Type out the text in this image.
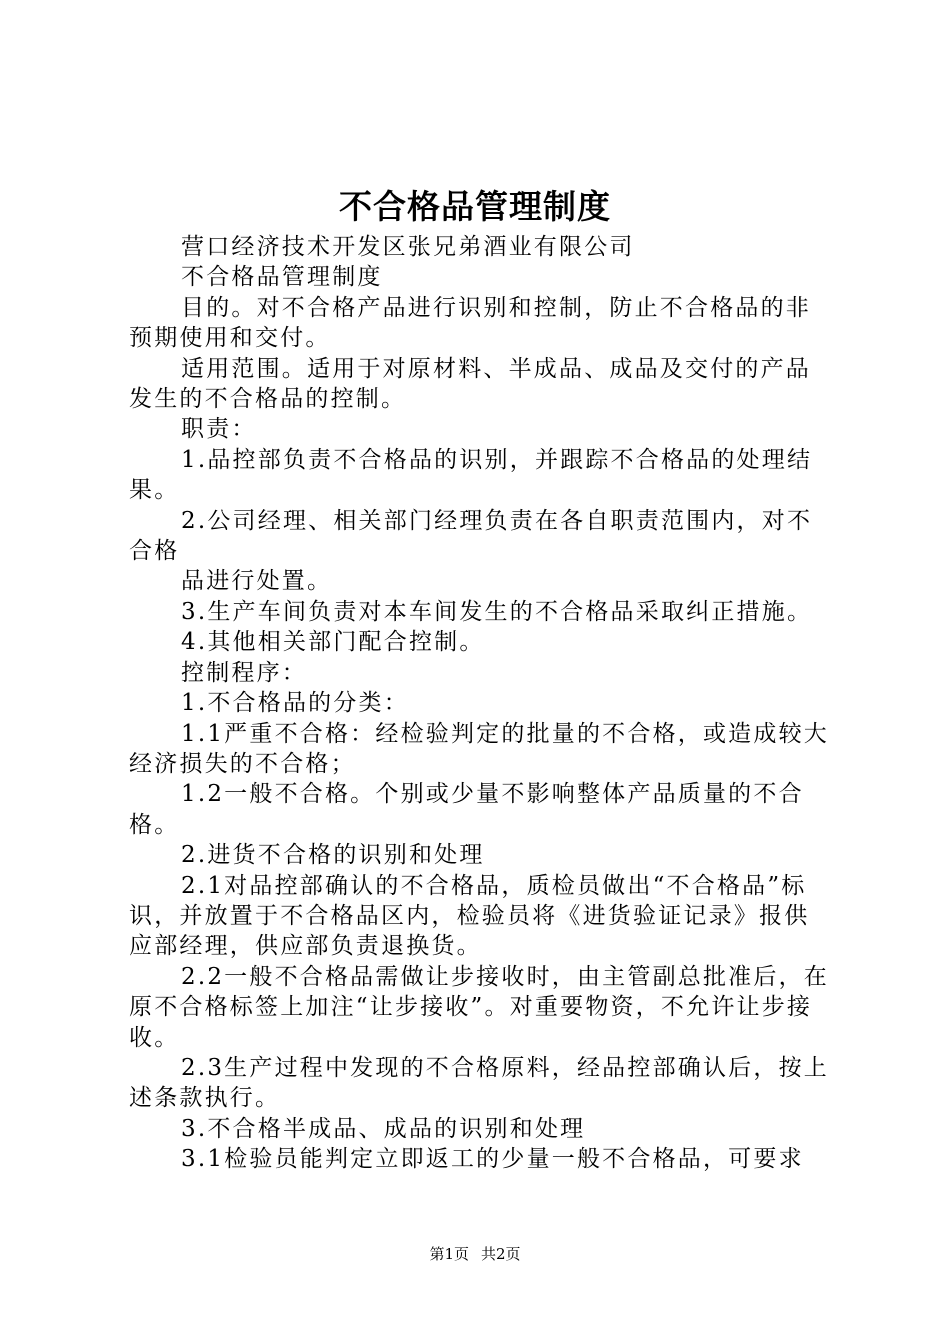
不合格品管理制度

营口经济技术开发区张兄弟酒业有限公司

不合格品管理制度

目的。对不合格产品进行识别和控制，防止不合格品的非预期使用和交付。

适用范围。适用于对原材料、半成品、成品及交付的产品发生的不合格品的控制。

职责：

1.品控部负责不合格品的识别，并跟踪不合格品的处理结果。

2.公司经理、相关部门经理负责在各自职责范围内，对不合格

品进行处置。

3.生产车间负责对本车间发生的不合格品采取纠正措施。

4.其他相关部门配合控制。

控制程序：

1.不合格品的分类：

1.1严重不合格：经检验判定的批量的不合格，或造成较大经济损失的不合格；

1.2一般不合格。个别或少量不影响整体产品质量的不合格。

2.进货不合格的识别和处理

2.1对品控部确认的不合格品，质检员做出“不合格品”标识，并放置于不合格品区内，检验员将《进货验证记录》报供应部经理，供应部负责退换货。

2.2一般不合格品需做让步接收时，由主管副总批准后，在原不合格标签上加注“让步接收”。对重要物资，不允许让步接收。

2.3生产过程中发现的不合格原料，经品控部确认后，按上述条款执行。

3.不合格半成品、成品的识别和处理

3.1检验员能判定立即返工的少量一般不合格品，可要求

第1页 共2页
